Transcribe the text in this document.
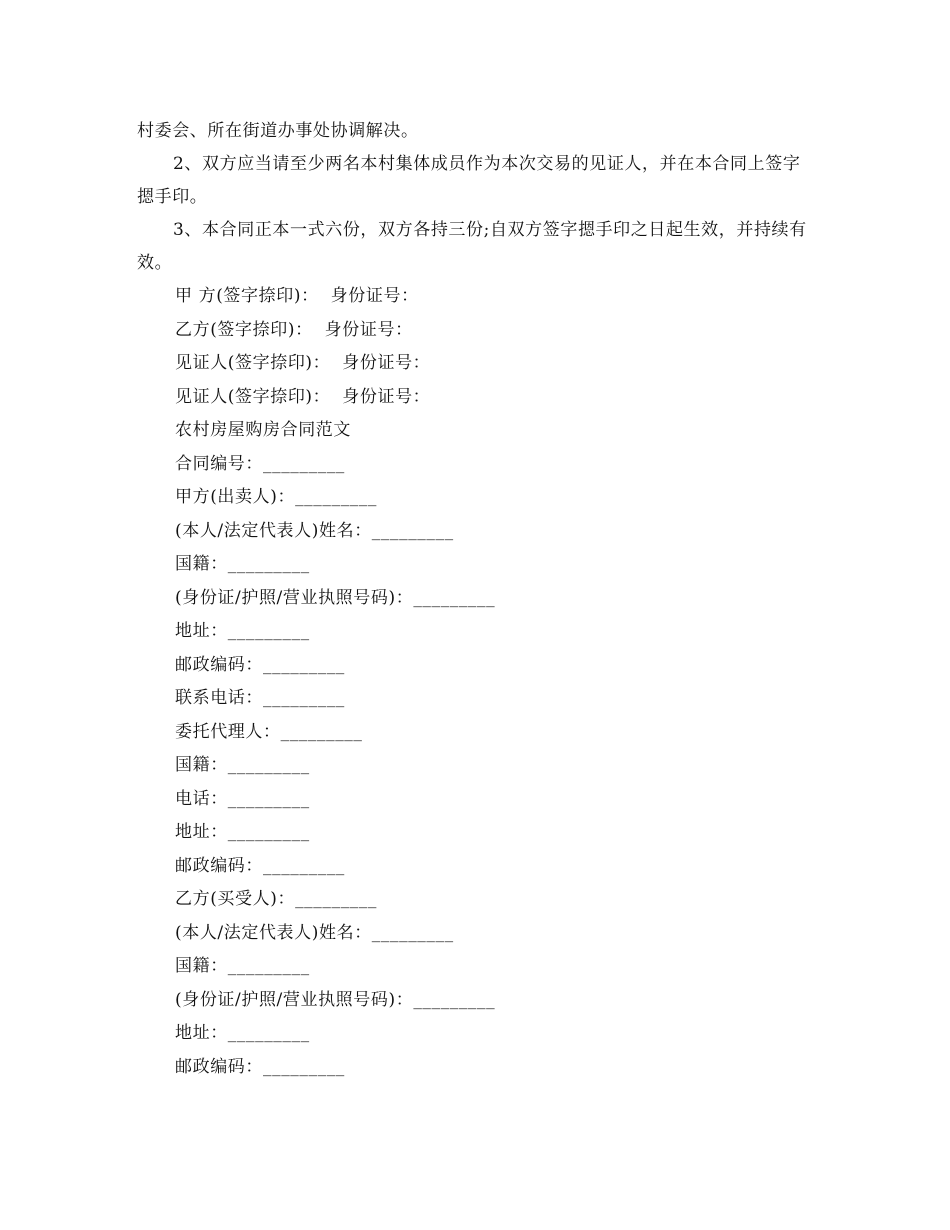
村委会、所在街道办事处协调解决。

2、双方应当请至少两名本村集体成员作为本次交易的见证人，并在本合同上签字摁手印。

3、本合同正本一式六份，双方各持三份;自双方签字摁手印之日起生效，并持续有效。

甲 方(签字捺印)：  身份证号：
乙方(签字捺印)：  身份证号：
见证人(签字捺印)：  身份证号：
见证人(签字捺印)：  身份证号：
农村房屋购房合同范文
合同编号：_________
甲方(出卖人)：_________
(本人/法定代表人)姓名：_________
国籍：_________
(身份证/护照/营业执照号码)：_________
地址：_________
邮政编码：_________
联系电话：_________
委托代理人：_________
国籍：_________
电话：_________
地址：_________
邮政编码：_________
乙方(买受人)：_________
(本人/法定代表人)姓名：_________
国籍：_________
(身份证/护照/营业执照号码)：_________
地址：_________
邮政编码：_________
